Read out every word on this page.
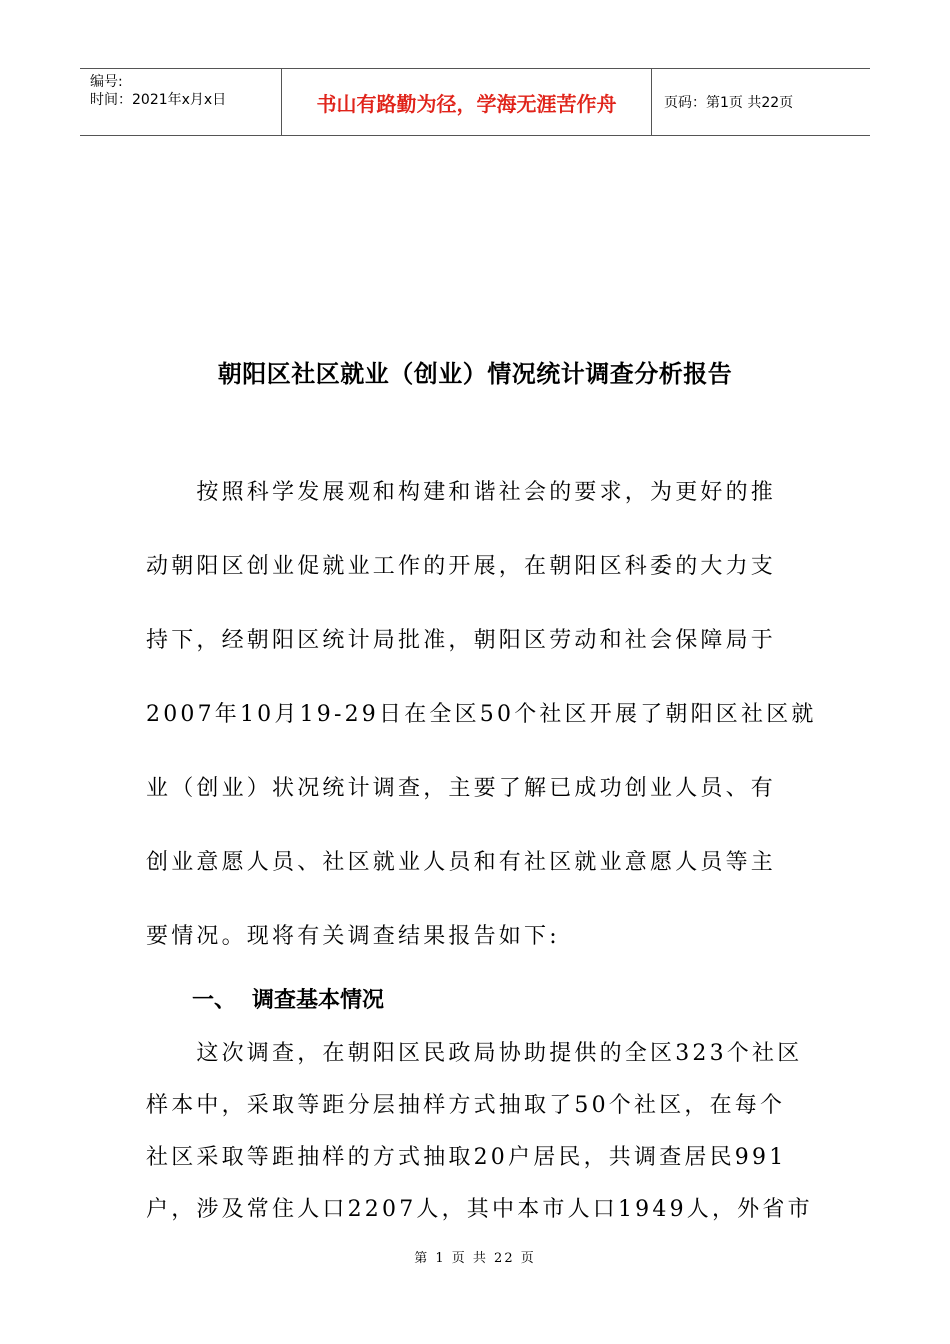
编号:
时间：2021年x月x日	书山有路勤为径，学海无涯苦作舟	页码：第1页 共22页
朝阳区社区就业（创业）情况统计调查分析报告
　　按照科学发展观和构建和谐社会的要求，为更好的推
动朝阳区创业促就业工作的开展，在朝阳区科委的大力支
持下，经朝阳区统计局批准，朝阳区劳动和社会保障局于
2007年10月19-29日在全区50个社区开展了朝阳区社区就
业（创业）状况统计调查，主要了解已成功创业人员、有
创业意愿人员、社区就业人员和有社区就业意愿人员等主
要情况。现将有关调查结果报告如下:
一、 调查基本情况
　　这次调查，在朝阳区民政局协助提供的全区323个社区
样本中，采取等距分层抽样方式抽取了50个社区，在每个
社区采取等距抽样的方式抽取20户居民，共调查居民991
户，涉及常住人口2207人，其中本市人口1949人，外省市
第 1 页 共 22 页
